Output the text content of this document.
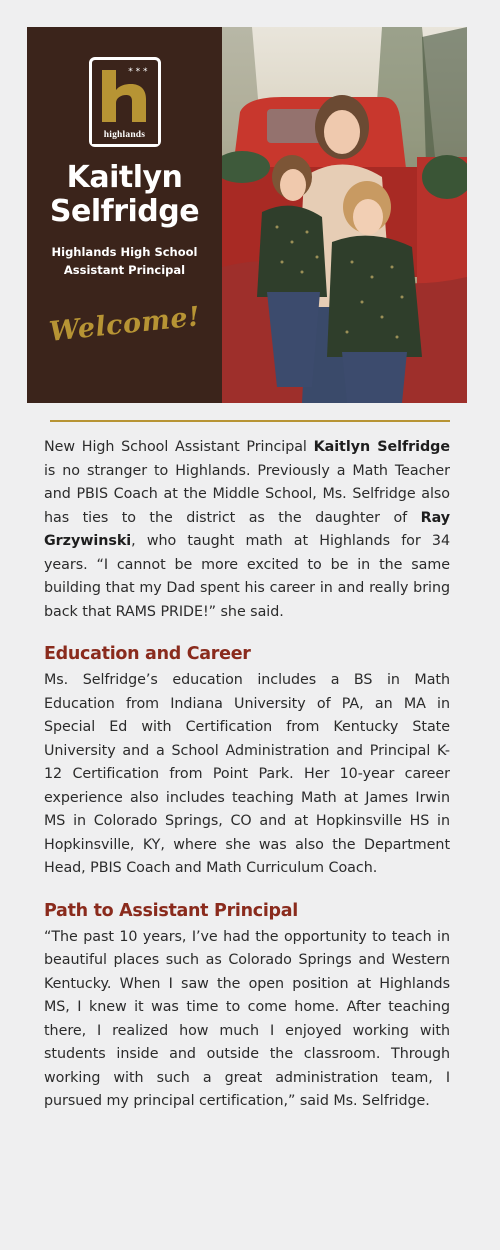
* * *
highlands
Kaitlyn
Selfridge
Highlands High School
Assistant Principal
Welcome!

New High School Assistant Principal Kaitlyn Selfridge is no stranger to Highlands. Previously a Math Teacher and PBIS Coach at the Middle School, Ms. Selfridge also has ties to the district as the daughter of Ray Grzywinski, who taught math at Highlands for 34 years. “I cannot be more excited to be in the same building that my Dad spent his career in and really bring back that RAMS PRIDE!” she said.

Education and Career

Ms. Selfridge’s education includes a BS in Math Education from Indiana University of PA, an MA in Special Ed with Certification from Kentucky State University and a School Administration and Principal K-12 Certification from Point Park. Her 10-year career experience also includes teaching Math at James Irwin MS in Colorado Springs, CO and at Hopkinsville HS in Hopkinsville, KY, where she was also the Department Head, PBIS Coach and Math Curriculum Coach.

Path to Assistant Principal

“The past 10 years, I’ve had the opportunity to teach in beautiful places such as Colorado Springs and Western Kentucky. When I saw the open position at Highlands MS, I knew it was time to come home. After teaching there, I realized how much I enjoyed working with students inside and outside the classroom. Through working with such a great administration team, I pursued my principal certification,” said Ms. Selfridge.
